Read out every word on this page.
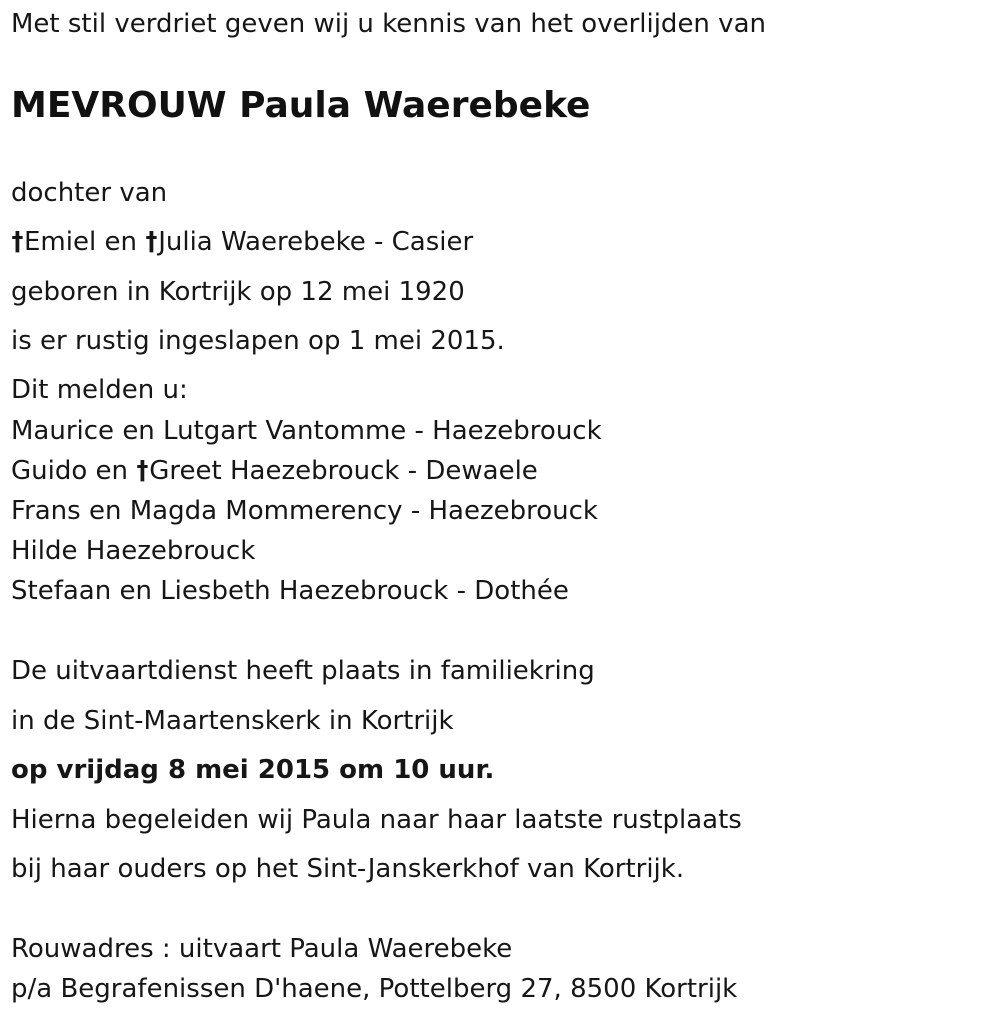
Met stil verdriet geven wij u kennis van het overlijden van
MEVROUW Paula Waerebeke
dochter van
†Emiel en †Julia Waerebeke - Casier
geboren in Kortrijk op 12 mei 1920
is er rustig ingeslapen op 1 mei 2015.
Dit melden u:
Maurice en Lutgart Vantomme - Haezebrouck
Guido en †Greet Haezebrouck - Dewaele
Frans en Magda Mommerency - Haezebrouck
Hilde Haezebrouck
Stefaan en Liesbeth Haezebrouck - Dothée
De uitvaartdienst heeft plaats in familiekring
in de Sint-Maartenskerk in Kortrijk
op vrijdag 8 mei 2015 om 10 uur.
Hierna begeleiden wij Paula naar haar laatste rustplaats
bij haar ouders op het Sint-Janskerkhof van Kortrijk.
Rouwadres : uitvaart Paula Waerebeke
p/a Begrafenissen D'haene, Pottelberg 27, 8500 Kortrijk
